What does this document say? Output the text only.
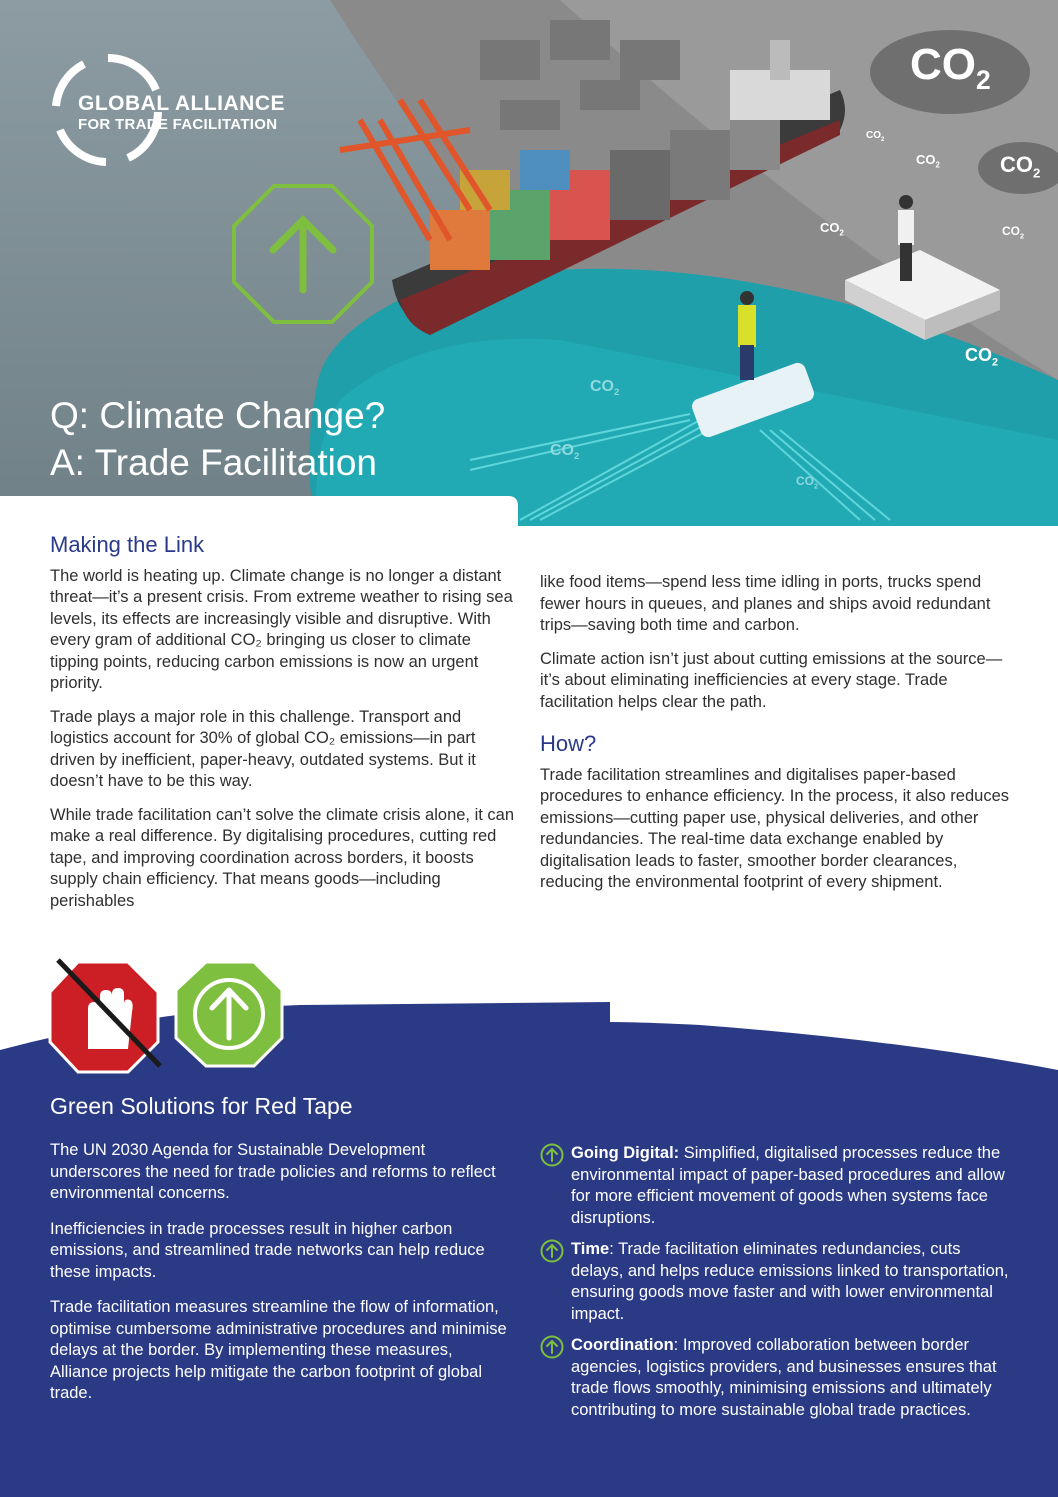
GLOBAL ALLIANCE
FOR TRADE FACILITATION
$CO_2$
$CO_2$
$CO_2$
$CO_2$
$CO_2$	$CO_2$
$CO_2$
$CO_2$
$CO_2$
$CO_2$
Q: Climate Change?
A: Trade Facilitation
Making the Link

The world is heating up. Climate change is no longer a distant threat—it’s a present crisis. From extreme weather to rising sea levels, its effects are increasingly visible and disruptive. With every gram of additional CO₂ bringing us closer to climate tipping points, reducing carbon emissions is now an urgent priority.

Trade plays a major role in this challenge. Transport and logistics account for 30% of global CO₂ emissions—in part driven by inefficient, paper-heavy, outdated systems. But it doesn’t have to be this way.

While trade facilitation can’t solve the climate crisis alone, it can make a real difference. By digitalising procedures, cutting red tape, and improving coordination across borders, it boosts supply chain efficiency. That means goods—including perishables

like food items—spend less time idling in ports, trucks spend fewer hours in queues, and planes and ships avoid redundant trips—saving both time and carbon.

Climate action isn’t just about cutting emissions at the source—it’s about eliminating inefficiencies at every stage. Trade facilitation helps clear the path.

How?

Trade facilitation streamlines and digitalises paper-based procedures to enhance efficiency. In the process, it also reduces emissions—cutting paper use, physical deliveries, and other redundancies. The real-time data exchange enabled by digitalisation leads to faster, smoother border clearances, reducing the environmental footprint of every shipment.

Green Solutions for Red Tape

The UN 2030 Agenda for Sustainable Development underscores the need for trade policies and reforms to reflect environmental concerns.

Inefficiencies in trade processes result in higher carbon emissions, and streamlined trade networks can help reduce these impacts.

Trade facilitation measures streamline the flow of information, optimise cumbersome administrative procedures and minimise delays at the border. By implementing these measures, Alliance projects help mitigate the carbon footprint of global trade.

Going Digital: Simplified, digitalised processes reduce the environmental impact of paper-based procedures and allow for more efficient movement of goods when systems face disruptions.
Time: Trade facilitation eliminates redundancies, cuts delays, and helps reduce emissions linked to transportation, ensuring goods move faster and with lower environmental impact.
Coordination: Improved collaboration between border agencies, logistics providers, and businesses ensures that trade flows smoothly, minimising emissions and ultimately contributing to more sustainable global trade practices.
